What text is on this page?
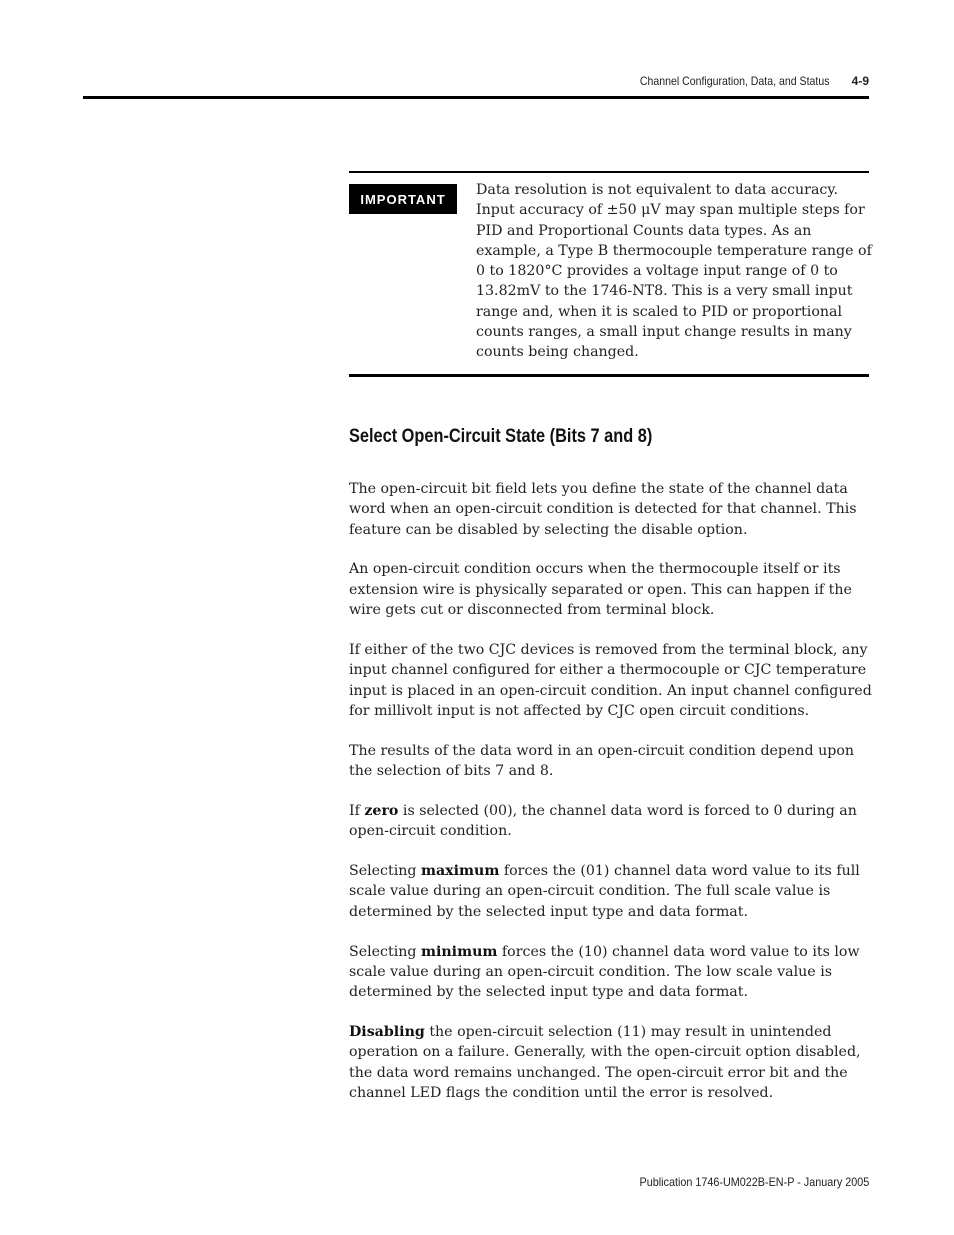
Channel Configuration, Data, and Status 4-9
IMPORTANT
Data resolution is not equivalent to data accuracy. Input accuracy of ±50 μV may span multiple steps for PID and Proportional Counts data types. As an example, a Type B thermocouple temperature range of 0 to 1820°C provides a voltage input range of 0 to 13.82mV to the 1746-NT8. This is a very small input range and, when it is scaled to PID or proportional counts ranges, a small input change results in many counts being changed.
Select Open-Circuit State (Bits 7 and 8)

The open-circuit bit field lets you define the state of the channel data word when an open-circuit condition is detected for that channel. This feature can be disabled by selecting the disable option.

An open-circuit condition occurs when the thermocouple itself or its extension wire is physically separated or open. This can happen if the wire gets cut or disconnected from terminal block.

If either of the two CJC devices is removed from the terminal block, any input channel configured for either a thermocouple or CJC temperature input is placed in an open-circuit condition. An input channel configured for millivolt input is not affected by CJC open circuit conditions.

The results of the data word in an open-circuit condition depend upon the selection of bits 7 and 8.

If zero is selected (00), the channel data word is forced to 0 during an open-circuit condition.

Selecting maximum forces the (01) channel data word value to its full scale value during an open-circuit condition. The full scale value is determined by the selected input type and data format.

Selecting minimum forces the (10) channel data word value to its low scale value during an open-circuit condition. The low scale value is determined by the selected input type and data format.

Disabling the open-circuit selection (11) may result in unintended operation on a failure. Generally, with the open-circuit option disabled, the data word remains unchanged. The open-circuit error bit and the channel LED flags the condition until the error is resolved.

Publication 1746-UM022B-EN-P - January 2005
